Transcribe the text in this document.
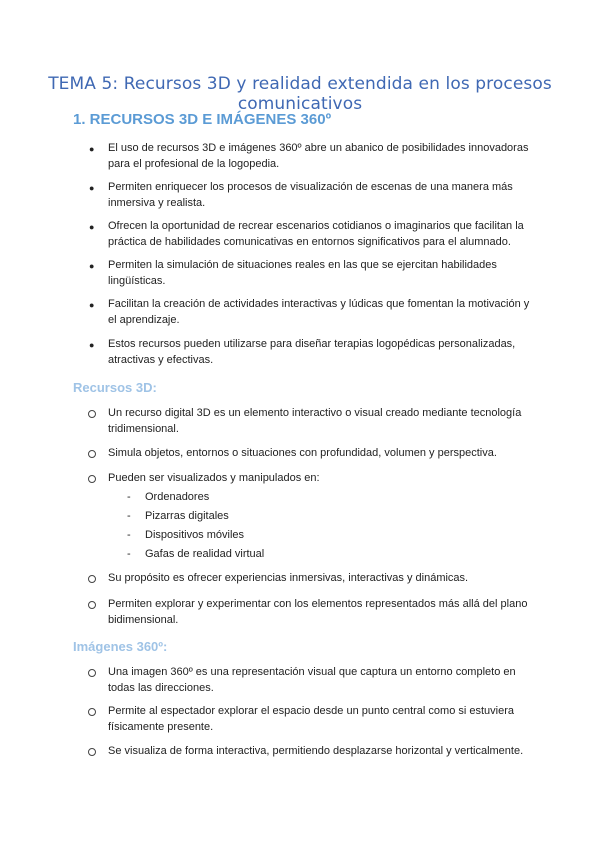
TEMA 5: Recursos 3D y realidad extendida en los procesos comunicativos
1. RECURSOS 3D E IMÁGENES 360º
● El uso de recursos 3D e imágenes 360º abre un abanico de posibilidades innovadoras para el profesional de la logopedia.
● Permiten enriquecer los procesos de visualización de escenas de una manera más inmersiva y realista.
● Ofrecen la oportunidad de recrear escenarios cotidianos o imaginarios que facilitan la práctica de habilidades comunicativas en entornos significativos para el alumnado.
● Permiten la simulación de situaciones reales en las que se ejercitan habilidades lingüísticas.
● Facilitan la creación de actividades interactivas y lúdicas que fomentan la motivación y el aprendizaje.
● Estos recursos pueden utilizarse para diseñar terapias logopédicas personalizadas, atractivas y efectivas.
Recursos 3D:
Un recurso digital 3D es un elemento interactivo o visual creado mediante tecnología tridimensional.
Simula objetos, entornos o situaciones con profundidad, volumen y perspectiva.
Pueden ser visualizados y manipulados en:
- Ordenadores
- Pizarras digitales
- Dispositivos móviles
- Gafas de realidad virtual
Su propósito es ofrecer experiencias inmersivas, interactivas y dinámicas.
Permiten explorar y experimentar con los elementos representados más allá del plano bidimensional.
Imágenes 360º:
Una imagen 360º es una representación visual que captura un entorno completo en todas las direcciones.
Permite al espectador explorar el espacio desde un punto central como si estuviera físicamente presente.
Se visualiza de forma interactiva, permitiendo desplazarse horizontal y verticalmente.
